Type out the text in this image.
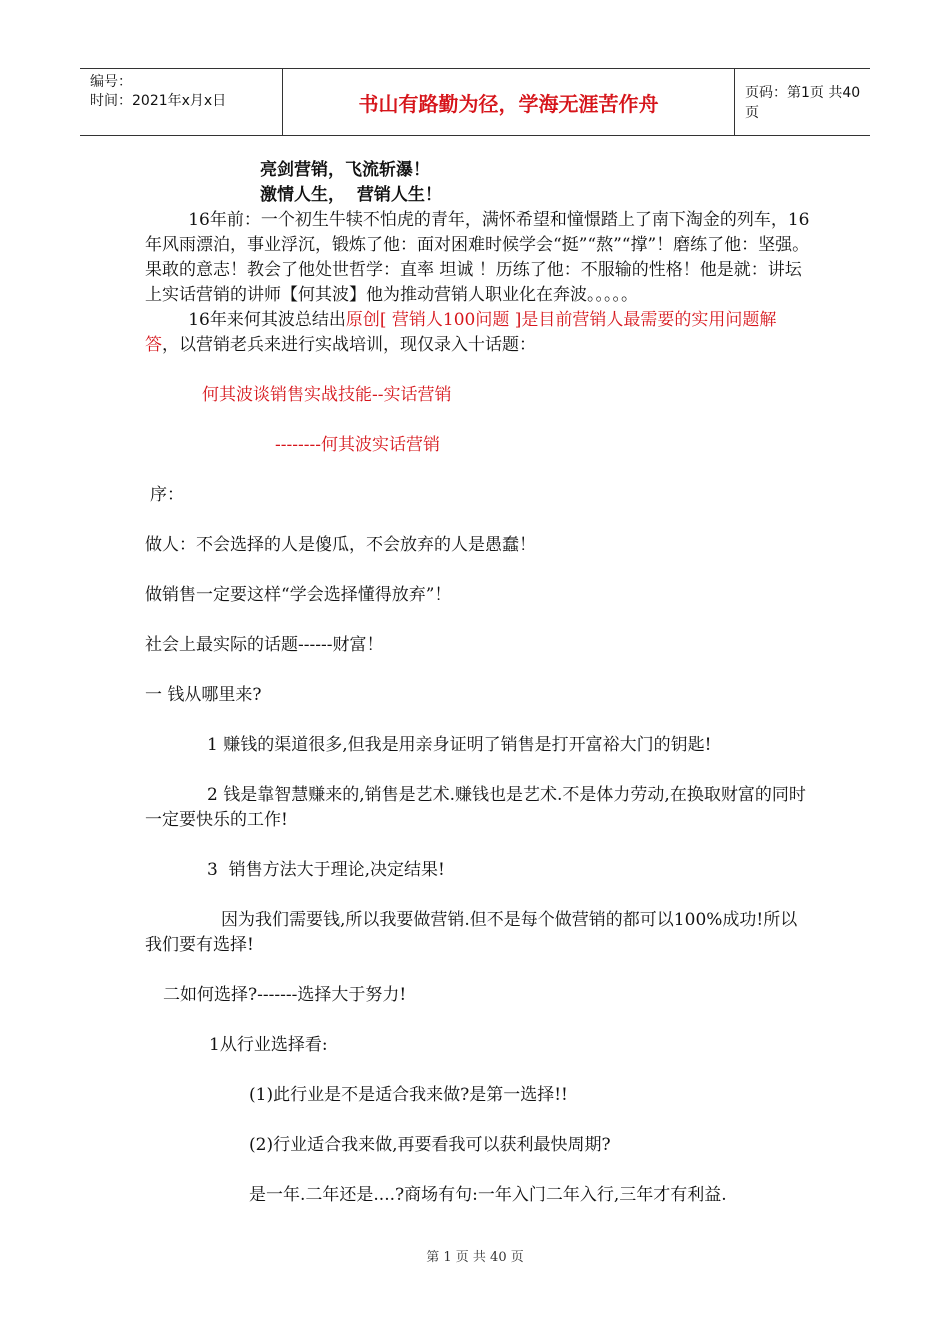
编号：
时间：2021年x月x日	书山有路勤为径，学海无涯苦作舟	页码：第1页 共40页

亮剑营销，飞流斩瀑！

激情人生，  营销人生！

16年前：一个初生牛犊不怕虎的青年，满怀希望和憧憬踏上了南下淘金的列车，16年风雨漂泊，事业浮沉，锻炼了他：面对困难时候学会“挺”“熬”“撑”！磨练了他：坚强。果敢的意志！教会了他处世哲学：直率 坦诚 ！历练了他：不服输的性格！他是就：讲坛上实话营销的讲师【何其波】他为推动营销人职业化在奔波。。。。。

16年来何其波总结出原创[ 营销人100问题 ]是目前营销人最需要的实用问题解答，以营销老兵来进行实战培训，现仅录入十话题：

何其波谈销售实战技能--实话营销

--------何其波实话营销

序：

做人：不会选择的人是傻瓜，不会放弃的人是愚蠢！

做销售一定要这样“学会选择懂得放弃”！

社会上最实际的话题------财富！

一 钱从哪里来?

1 赚钱的渠道很多,但我是用亲身证明了销售是打开富裕大门的钥匙!

2 钱是靠智慧赚来的,销售是艺术.赚钱也是艺术.不是体力劳动,在换取财富的同时一定要快乐的工作!

3  销售方法大于理论,决定结果!

因为我们需要钱,所以我要做营销.但不是每个做营销的都可以100%成功!所以我们要有选择!

二如何选择?-------选择大于努力!

1从行业选择看:

(1)此行业是不是适合我来做?是第一选择!!

(2)行业适合我来做,再要看我可以获利最快周期?

是一年.二年还是....?商场有句:一年入门二年入行,三年才有利益.

第 1 页 共 40 页
